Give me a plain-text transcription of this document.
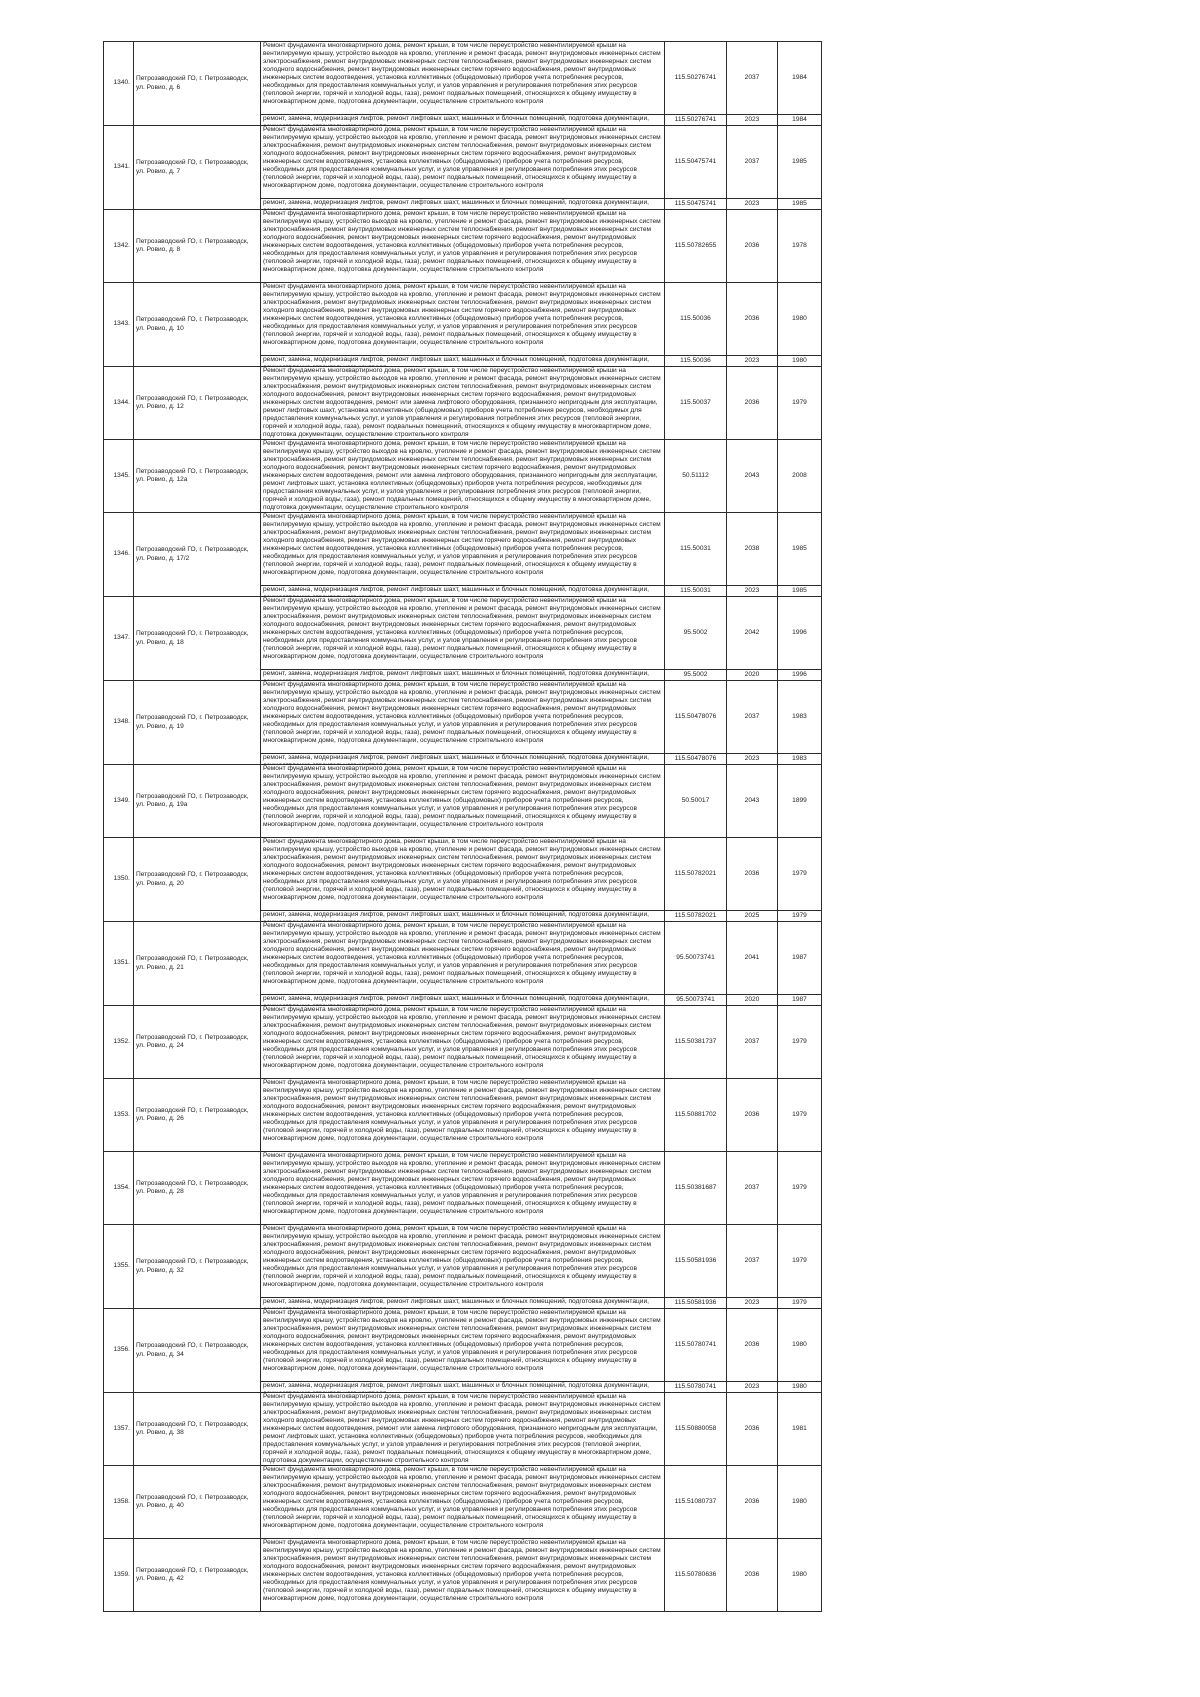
1340.	Петрозаводский ГО, г. Петрозаводск, ул. Ровио, д. 6	Ремонт фундамента многоквартирного дома, ремонт крыши, в том числе переустройство невентилируемой крыши на вентилируемую крышу, устройство выходов на кровлю, утепление и ремонт фасада, ремонт внутридомовых инженерных систем электроснабжения, ремонт внутридомовых инженерных систем теплоснабжения, ремонт внутридомовых инженерных систем холодного водоснабжения, ремонт внутридомовых инженерных систем горячего водоснабжения, ремонт внутридомовых инженерных систем водоотведения, установка коллективных (общедомовых) приборов учета потребления ресурсов, необходимых для предоставления коммунальных услуг, и узлов управления и регулирования потребления этих ресурсов (тепловой энергии, горячей и холодной воды, газа), ремонт подвальных помещений, относящихся к общему имуществу в многоквартирном доме, подготовка документации, осуществление строительного контроля	115.50276741	2037	1984

		ремонт, замена, модернизация лифтов, ремонт лифтовых шахт, машинных и блочных помещений, подготовка документации,	115.50276741	2023	1984
1341.	Петрозаводский ГО, г. Петрозаводск, ул. Ровио, д. 7	Ремонт фундамента многоквартирного дома, ремонт крыши, в том числе переустройство невентилируемой крыши на вентилируемую крышу, устройство выходов на кровлю, утепление и ремонт фасада, ремонт внутридомовых инженерных систем электроснабжения, ремонт внутридомовых инженерных систем теплоснабжения, ремонт внутридомовых инженерных систем холодного водоснабжения, ремонт внутридомовых инженерных систем горячего водоснабжения, ремонт внутридомовых инженерных систем водоотведения, установка коллективных (общедомовых) приборов учета потребления ресурсов, необходимых для предоставления коммунальных услуг, и узлов управления и регулирования потребления этих ресурсов (тепловой энергии, горячей и холодной воды, газа), ремонт подвальных помещений, относящихся к общему имуществу в многоквартирном доме, подготовка документации, осуществление строительного контроля	115.50475741	2037	1985

		ремонт, замена, модернизация лифтов, ремонт лифтовых шахт, машинных и блочных помещений, подготовка документации,	115.50475741	2023	1985
1342.	Петрозаводский ГО, г. Петрозаводск, ул. Ровио, д. 8	Ремонт фундамента многоквартирного дома, ремонт крыши, в том числе переустройство невентилируемой крыши на вентилируемую крышу, устройство выходов на кровлю, утепление и ремонт фасада, ремонт внутридомовых инженерных систем электроснабжения, ремонт внутридомовых инженерных систем теплоснабжения, ремонт внутридомовых инженерных систем холодного водоснабжения, ремонт внутридомовых инженерных систем горячего водоснабжения, ремонт внутридомовых инженерных систем водоотведения, установка коллективных (общедомовых) приборов учета потребления ресурсов, необходимых для предоставления коммунальных услуг, и узлов управления и регулирования потребления этих ресурсов (тепловой энергии, горячей и холодной воды, газа), ремонт подвальных помещений, относящихся к общему имуществу в многоквартирном доме, подготовка документации, осуществление строительного контроля	115.50782655	2036	1978
1343.	Петрозаводский ГО, г. Петрозаводск, ул. Ровио, д. 10	Ремонт фундамента многоквартирного дома, ремонт крыши, в том числе переустройство невентилируемой крыши на вентилируемую крышу, устройство выходов на кровлю, утепление и ремонт фасада, ремонт внутридомовых инженерных систем электроснабжения, ремонт внутридомовых инженерных систем теплоснабжения, ремонт внутридомовых инженерных систем холодного водоснабжения, ремонт внутридомовых инженерных систем горячего водоснабжения, ремонт внутридомовых инженерных систем водоотведения, установка коллективных (общедомовых) приборов учета потребления ресурсов, необходимых для предоставления коммунальных услуг, и узлов управления и регулирования потребления этих ресурсов (тепловой энергии, горячей и холодной воды, газа), ремонт подвальных помещений, относящихся к общему имуществу в многоквартирном доме, подготовка документации, осуществление строительного контроля	115.50036	2036	1980

		ремонт, замена, модернизация лифтов, ремонт лифтовых шахт, машинных и блочных помещений, подготовка документации,	115.50036	2023	1980
1344.	Петрозаводский ГО, г. Петрозаводск, ул. Ровио, д. 12	Ремонт фундамента многоквартирного дома, ремонт крыши, в том числе переустройство невентилируемой крыши на вентилируемую крышу, устройство выходов на кровлю, утепление и ремонт фасада, ремонт внутридомовых инженерных систем электроснабжения, ремонт внутридомовых инженерных систем теплоснабжения, ремонт внутридомовых инженерных систем холодного водоснабжения, ремонт внутридомовых инженерных систем горячего водоснабжения, ремонт внутридомовых инженерных систем водоотведения, ремонт или замена лифтового оборудования, признанного непригодным для эксплуатации, ремонт лифтовых шахт, установка коллективных (общедомовых) приборов учета потребления ресурсов, необходимых для предоставления коммунальных услуг, и узлов управления и регулирования потребления этих ресурсов (тепловой энергии, горячей и холодной воды, газа), ремонт подвальных помещений, относящихся к общему имуществу в многоквартирном доме, подготовка документации, осуществление строительного контроля	115.50037	2036	1979
1345.	Петрозаводский ГО, г. Петрозаводск, ул. Ровио, д. 12а	Ремонт фундамента многоквартирного дома, ремонт крыши, в том числе переустройство невентилируемой крыши на вентилируемую крышу, устройство выходов на кровлю, утепление и ремонт фасада, ремонт внутридомовых инженерных систем электроснабжения, ремонт внутридомовых инженерных систем теплоснабжения, ремонт внутридомовых инженерных систем холодного водоснабжения, ремонт внутридомовых инженерных систем горячего водоснабжения, ремонт внутридомовых инженерных систем водоотведения, ремонт или замена лифтового оборудования, признанного непригодным для эксплуатации, ремонт лифтовых шахт, установка коллективных (общедомовых) приборов учета потребления ресурсов, необходимых для предоставления коммунальных услуг, и узлов управления и регулирования потребления этих ресурсов (тепловой энергии, горячей и холодной воды, газа), ремонт подвальных помещений, относящихся к общему имуществу в многоквартирном доме, подготовка документации, осуществление строительного контроля	50.51112	2043	2008
1346.	Петрозаводский ГО, г. Петрозаводск, ул. Ровио, д. 17/2	Ремонт фундамента многоквартирного дома, ремонт крыши, в том числе переустройство невентилируемой крыши на вентилируемую крышу, устройство выходов на кровлю, утепление и ремонт фасада, ремонт внутридомовых инженерных систем электроснабжения, ремонт внутридомовых инженерных систем теплоснабжения, ремонт внутридомовых инженерных систем холодного водоснабжения, ремонт внутридомовых инженерных систем горячего водоснабжения, ремонт внутридомовых инженерных систем водоотведения, установка коллективных (общедомовых) приборов учета потребления ресурсов, необходимых для предоставления коммунальных услуг, и узлов управления и регулирования потребления этих ресурсов (тепловой энергии, горячей и холодной воды, газа), ремонт подвальных помещений, относящихся к общему имуществу в многоквартирном доме, подготовка документации, осуществление строительного контроля	115.50031	2038	1985

		ремонт, замена, модернизация лифтов, ремонт лифтовых шахт, машинных и блочных помещений, подготовка документации,	115.50031	2023	1985
1347.	Петрозаводский ГО, г. Петрозаводск, ул. Ровио, д. 18	Ремонт фундамента многоквартирного дома, ремонт крыши, в том числе переустройство невентилируемой крыши на вентилируемую крышу, устройство выходов на кровлю, утепление и ремонт фасада, ремонт внутридомовых инженерных систем электроснабжения, ремонт внутридомовых инженерных систем теплоснабжения, ремонт внутридомовых инженерных систем холодного водоснабжения, ремонт внутридомовых инженерных систем горячего водоснабжения, ремонт внутридомовых инженерных систем водоотведения, установка коллективных (общедомовых) приборов учета потребления ресурсов, необходимых для предоставления коммунальных услуг, и узлов управления и регулирования потребления этих ресурсов (тепловой энергии, горячей и холодной воды, газа), ремонт подвальных помещений, относящихся к общему имуществу в многоквартирном доме, подготовка документации, осуществление строительного контроля	95.5002	2042	1996

		ремонт, замена, модернизация лифтов, ремонт лифтовых шахт, машинных и блочных помещений, подготовка документации,	95.5002	2020	1996
1348.	Петрозаводский ГО, г. Петрозаводск, ул. Ровио, д. 19	Ремонт фундамента многоквартирного дома, ремонт крыши, в том числе переустройство невентилируемой крыши на вентилируемую крышу, устройство выходов на кровлю, утепление и ремонт фасада, ремонт внутридомовых инженерных систем электроснабжения, ремонт внутридомовых инженерных систем теплоснабжения, ремонт внутридомовых инженерных систем холодного водоснабжения, ремонт внутридомовых инженерных систем горячего водоснабжения, ремонт внутридомовых инженерных систем водоотведения, установка коллективных (общедомовых) приборов учета потребления ресурсов, необходимых для предоставления коммунальных услуг, и узлов управления и регулирования потребления этих ресурсов (тепловой энергии, горячей и холодной воды, газа), ремонт подвальных помещений, относящихся к общему имуществу в многоквартирном доме, подготовка документации, осуществление строительного контроля	115.50478076	2037	1983

		ремонт, замена, модернизация лифтов, ремонт лифтовых шахт, машинных и блочных помещений, подготовка документации,	115.50478076	2023	1983
1349.	Петрозаводский ГО, г. Петрозаводск, ул. Ровио, д. 19а	Ремонт фундамента многоквартирного дома, ремонт крыши, в том числе переустройство невентилируемой крыши на вентилируемую крышу, устройство выходов на кровлю, утепление и ремонт фасада, ремонт внутридомовых инженерных систем электроснабжения, ремонт внутридомовых инженерных систем теплоснабжения, ремонт внутридомовых инженерных систем холодного водоснабжения, ремонт внутридомовых инженерных систем горячего водоснабжения, ремонт внутридомовых инженерных систем водоотведения, установка коллективных (общедомовых) приборов учета потребления ресурсов, необходимых для предоставления коммунальных услуг, и узлов управления и регулирования потребления этих ресурсов (тепловой энергии, горячей и холодной воды, газа), ремонт подвальных помещений, относящихся к общему имуществу в многоквартирном доме, подготовка документации, осуществление строительного контроля	50.50017	2043	1899
1350.	Петрозаводский ГО, г. Петрозаводск, ул. Ровио, д. 20	Ремонт фундамента многоквартирного дома, ремонт крыши, в том числе переустройство невентилируемой крыши на вентилируемую крышу, устройство выходов на кровлю, утепление и ремонт фасада, ремонт внутридомовых инженерных систем электроснабжения, ремонт внутридомовых инженерных систем теплоснабжения, ремонт внутридомовых инженерных систем холодного водоснабжения, ремонт внутридомовых инженерных систем горячего водоснабжения, ремонт внутридомовых инженерных систем водоотведения, установка коллективных (общедомовых) приборов учета потребления ресурсов, необходимых для предоставления коммунальных услуг, и узлов управления и регулирования потребления этих ресурсов (тепловой энергии, горячей и холодной воды, газа), ремонт подвальных помещений, относящихся к общему имуществу в многоквартирном доме, подготовка документации, осуществление строительного контроля	115.50782021	2036	1979

		ремонт, замена, модернизация лифтов, ремонт лифтовых шахт, машинных и блочных помещений, подготовка документации,	115.50782021	2025	1979
1351.	Петрозаводский ГО, г. Петрозаводск, ул. Ровио, д. 21	Ремонт фундамента многоквартирного дома, ремонт крыши, в том числе переустройство невентилируемой крыши на вентилируемую крышу, устройство выходов на кровлю, утепление и ремонт фасада, ремонт внутридомовых инженерных систем электроснабжения, ремонт внутридомовых инженерных систем теплоснабжения, ремонт внутридомовых инженерных систем холодного водоснабжения, ремонт внутридомовых инженерных систем горячего водоснабжения, ремонт внутридомовых инженерных систем водоотведения, установка коллективных (общедомовых) приборов учета потребления ресурсов, необходимых для предоставления коммунальных услуг, и узлов управления и регулирования потребления этих ресурсов (тепловой энергии, горячей и холодной воды, газа), ремонт подвальных помещений, относящихся к общему имуществу в многоквартирном доме, подготовка документации, осуществление строительного контроля	95.50073741	2041	1987

		ремонт, замена, модернизация лифтов, ремонт лифтовых шахт, машинных и блочных помещений, подготовка документации,	95.50073741	2020	1987
1352.	Петрозаводский ГО, г. Петрозаводск, ул. Ровио, д. 24	Ремонт фундамента многоквартирного дома, ремонт крыши, в том числе переустройство невентилируемой крыши на вентилируемую крышу, устройство выходов на кровлю, утепление и ремонт фасада, ремонт внутридомовых инженерных систем электроснабжения, ремонт внутридомовых инженерных систем теплоснабжения, ремонт внутридомовых инженерных систем холодного водоснабжения, ремонт внутридомовых инженерных систем горячего водоснабжения, ремонт внутридомовых инженерных систем водоотведения, установка коллективных (общедомовых) приборов учета потребления ресурсов, необходимых для предоставления коммунальных услуг, и узлов управления и регулирования потребления этих ресурсов (тепловой энергии, горячей и холодной воды, газа), ремонт подвальных помещений, относящихся к общему имуществу в многоквартирном доме, подготовка документации, осуществление строительного контроля	115.50381737	2037	1979
1353.	Петрозаводский ГО, г. Петрозаводск, ул. Ровио, д. 26	Ремонт фундамента многоквартирного дома, ремонт крыши, в том числе переустройство невентилируемой крыши на вентилируемую крышу, устройство выходов на кровлю, утепление и ремонт фасада, ремонт внутридомовых инженерных систем электроснабжения, ремонт внутридомовых инженерных систем теплоснабжения, ремонт внутридомовых инженерных систем холодного водоснабжения, ремонт внутридомовых инженерных систем горячего водоснабжения, ремонт внутридомовых инженерных систем водоотведения, установка коллективных (общедомовых) приборов учета потребления ресурсов, необходимых для предоставления коммунальных услуг, и узлов управления и регулирования потребления этих ресурсов (тепловой энергии, горячей и холодной воды, газа), ремонт подвальных помещений, относящихся к общему имуществу в многоквартирном доме, подготовка документации, осуществление строительного контроля	115.50881702	2036	1979
1354.	Петрозаводский ГО, г. Петрозаводск, ул. Ровио, д. 28	Ремонт фундамента многоквартирного дома, ремонт крыши, в том числе переустройство невентилируемой крыши на вентилируемую крышу, устройство выходов на кровлю, утепление и ремонт фасада, ремонт внутридомовых инженерных систем электроснабжения, ремонт внутридомовых инженерных систем теплоснабжения, ремонт внутридомовых инженерных систем холодного водоснабжения, ремонт внутридомовых инженерных систем горячего водоснабжения, ремонт внутридомовых инженерных систем водоотведения, установка коллективных (общедомовых) приборов учета потребления ресурсов, необходимых для предоставления коммунальных услуг, и узлов управления и регулирования потребления этих ресурсов (тепловой энергии, горячей и холодной воды, газа), ремонт подвальных помещений, относящихся к общему имуществу в многоквартирном доме, подготовка документации, осуществление строительного контроля	115.50381687	2037	1979
1355.	Петрозаводский ГО, г. Петрозаводск, ул. Ровио, д. 32	Ремонт фундамента многоквартирного дома, ремонт крыши, в том числе переустройство невентилируемой крыши на вентилируемую крышу, устройство выходов на кровлю, утепление и ремонт фасада, ремонт внутридомовых инженерных систем электроснабжения, ремонт внутридомовых инженерных систем теплоснабжения, ремонт внутридомовых инженерных систем холодного водоснабжения, ремонт внутридомовых инженерных систем горячего водоснабжения, ремонт внутридомовых инженерных систем водоотведения, установка коллективных (общедомовых) приборов учета потребления ресурсов, необходимых для предоставления коммунальных услуг, и узлов управления и регулирования потребления этих ресурсов (тепловой энергии, горячей и холодной воды, газа), ремонт подвальных помещений, относящихся к общему имуществу в многоквартирном доме, подготовка документации, осуществление строительного контроля	115.50581936	2037	1979

		ремонт, замена, модернизация лифтов, ремонт лифтовых шахт, машинных и блочных помещений, подготовка документации,	115.50581936	2023	1979
1356.	Петрозаводский ГО, г. Петрозаводск, ул. Ровио, д. 34	Ремонт фундамента многоквартирного дома, ремонт крыши, в том числе переустройство невентилируемой крыши на вентилируемую крышу, устройство выходов на кровлю, утепление и ремонт фасада, ремонт внутридомовых инженерных систем электроснабжения, ремонт внутридомовых инженерных систем теплоснабжения, ремонт внутридомовых инженерных систем холодного водоснабжения, ремонт внутридомовых инженерных систем горячего водоснабжения, ремонт внутридомовых инженерных систем водоотведения, установка коллективных (общедомовых) приборов учета потребления ресурсов, необходимых для предоставления коммунальных услуг, и узлов управления и регулирования потребления этих ресурсов (тепловой энергии, горячей и холодной воды, газа), ремонт подвальных помещений, относящихся к общему имуществу в многоквартирном доме, подготовка документации, осуществление строительного контроля	115.50780741	2036	1980

		ремонт, замена, модернизация лифтов, ремонт лифтовых шахт, машинных и блочных помещений, подготовка документации,	115.50780741	2023	1980
1357.	Петрозаводский ГО, г. Петрозаводск, ул. Ровио, д. 38	Ремонт фундамента многоквартирного дома, ремонт крыши, в том числе переустройство невентилируемой крыши на вентилируемую крышу, устройство выходов на кровлю, утепление и ремонт фасада, ремонт внутридомовых инженерных систем электроснабжения, ремонт внутридомовых инженерных систем теплоснабжения, ремонт внутридомовых инженерных систем холодного водоснабжения, ремонт внутридомовых инженерных систем горячего водоснабжения, ремонт внутридомовых инженерных систем водоотведения, ремонт или замена лифтового оборудования, признанного непригодным для эксплуатации, ремонт лифтовых шахт, установка коллективных (общедомовых) приборов учета потребления ресурсов, необходимых для предоставления коммунальных услуг, и узлов управления и регулирования потребления этих ресурсов (тепловой энергии, горячей и холодной воды, газа), ремонт подвальных помещений, относящихся к общему имуществу в многоквартирном доме, подготовка документации, осуществление строительного контроля	115.50880058	2036	1981
1358.	Петрозаводский ГО, г. Петрозаводск, ул. Ровио, д. 40	Ремонт фундамента многоквартирного дома, ремонт крыши, в том числе переустройство невентилируемой крыши на вентилируемую крышу, устройство выходов на кровлю, утепление и ремонт фасада, ремонт внутридомовых инженерных систем электроснабжения, ремонт внутридомовых инженерных систем теплоснабжения, ремонт внутридомовых инженерных систем холодного водоснабжения, ремонт внутридомовых инженерных систем горячего водоснабжения, ремонт внутридомовых инженерных систем водоотведения, установка коллективных (общедомовых) приборов учета потребления ресурсов, необходимых для предоставления коммунальных услуг, и узлов управления и регулирования потребления этих ресурсов (тепловой энергии, горячей и холодной воды, газа), ремонт подвальных помещений, относящихся к общему имуществу в многоквартирном доме, подготовка документации, осуществление строительного контроля	115.51080737	2036	1980
1359.	Петрозаводский ГО, г. Петрозаводск, ул. Ровио, д. 42	Ремонт фундамента многоквартирного дома, ремонт крыши, в том числе переустройство невентилируемой крыши на вентилируемую крышу, устройство выходов на кровлю, утепление и ремонт фасада, ремонт внутридомовых инженерных систем электроснабжения, ремонт внутридомовых инженерных систем теплоснабжения, ремонт внутридомовых инженерных систем холодного водоснабжения, ремонт внутридомовых инженерных систем горячего водоснабжения, ремонт внутридомовых инженерных систем водоотведения, установка коллективных (общедомовых) приборов учета потребления ресурсов, необходимых для предоставления коммунальных услуг, и узлов управления и регулирования потребления этих ресурсов (тепловой энергии, горячей и холодной воды, газа), ремонт подвальных помещений, относящихся к общему имуществу в многоквартирном доме, подготовка документации, осуществление строительного контроля	115.50780636	2036	1980
